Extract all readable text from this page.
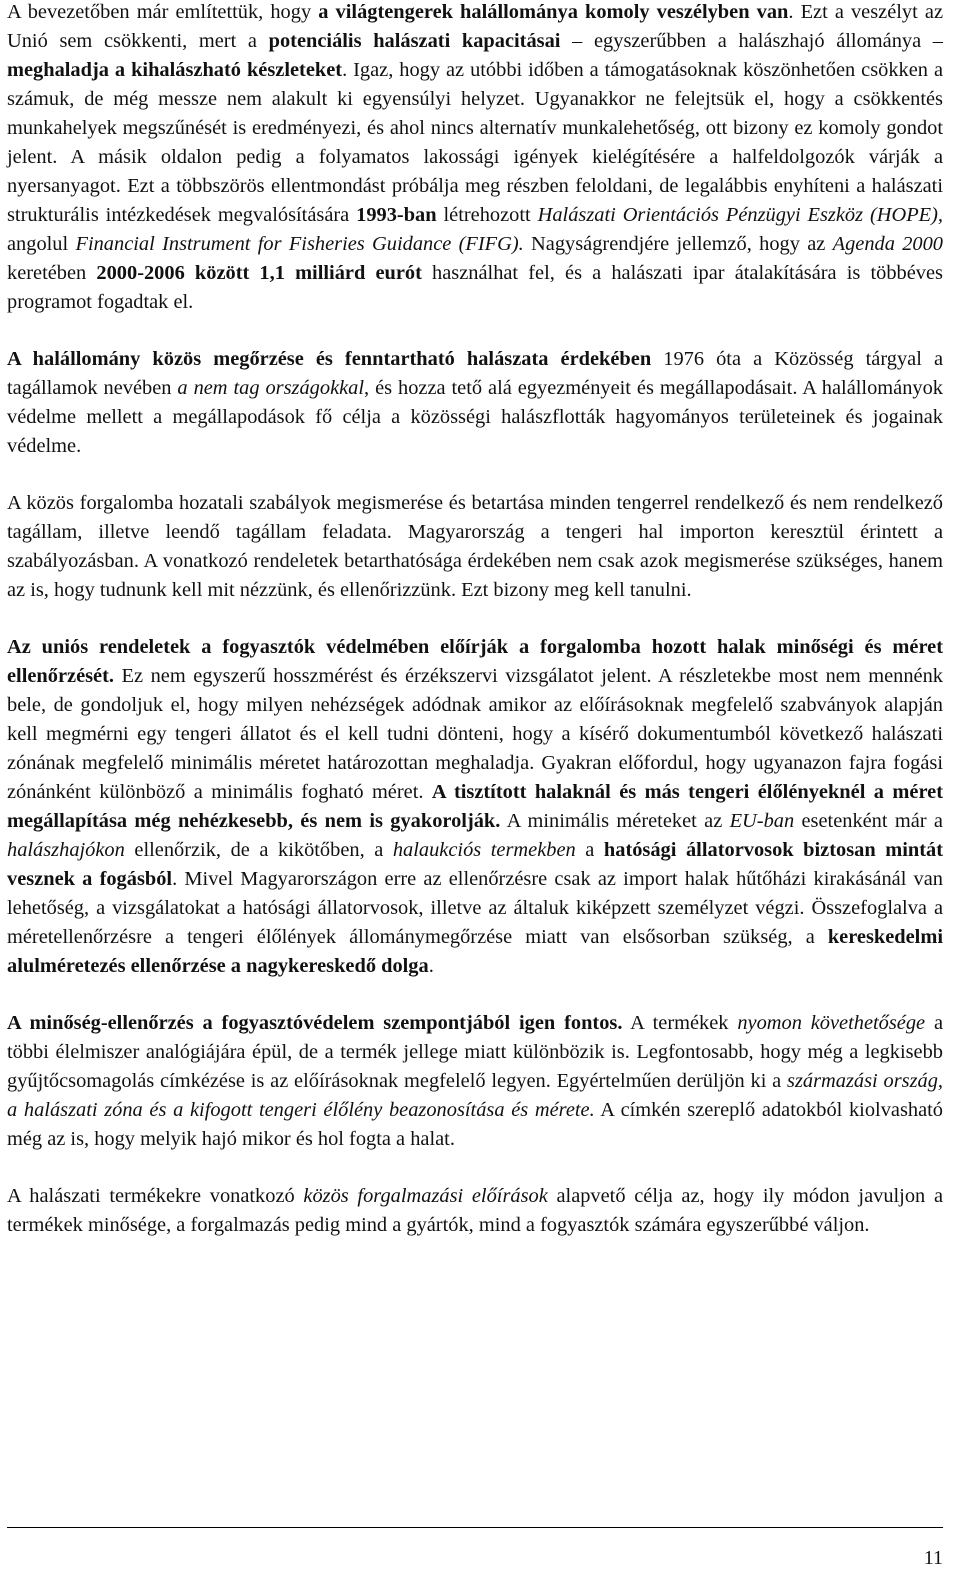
A bevezetőben már említettük, hogy a világtengerek halállománya komoly veszélyben van. Ezt a veszélyt az Unió sem csökkenti, mert a potenciális halászati kapacitásai – egyszerűbben a halászhajó állománya – meghaladja a kihalászható készleteket. Igaz, hogy az utóbbi időben a támogatásoknak köszönhetően csökken a számuk, de még messze nem alakult ki egyensúlyi helyzet. Ugyanakkor ne felejtsük el, hogy a csökkentés munkahelyek megszűnését is eredményezi, és ahol nincs alternatív munkalehetőség, ott bizony ez komoly gondot jelent. A másik oldalon pedig a folyamatos lakossági igények kielégítésére a halfeldolgozók várják a nyersanyagot. Ezt a többszörös ellentmondást próbálja meg részben feloldani, de legalábbis enyhíteni a halászati strukturális intézkedések megvalósítására 1993-ban létrehozott Halászati Orientációs Pénzügyi Eszköz (HOPE), angolul Financial Instrument for Fisheries Guidance (FIFG). Nagyságrendjére jellemző, hogy az Agenda 2000 keretében 2000-2006 között 1,1 milliárd eurót használhat fel, és a halászati ipar átalakítására is többéves programot fogadtak el.

A halállomány közös megőrzése és fenntartható halászata érdekében 1976 óta a Közösség tárgyal a tagállamok nevében a nem tag országokkal, és hozza tető alá egyezményeit és megállapodásait. A halállományok védelme mellett a megállapodások fő célja a közösségi halászflották hagyományos területeinek és jogainak védelme.

A közös forgalomba hozatali szabályok megismerése és betartása minden tengerrel rendelkező és nem rendelkező tagállam, illetve leendő tagállam feladata. Magyarország a tengeri hal importon keresztül érintett a szabályozásban. A vonatkozó rendeletek betarthatósága érdekében nem csak azok megismerése szükséges, hanem az is, hogy tudnunk kell mit nézzünk, és ellenőrizzünk. Ezt bizony meg kell tanulni.

Az uniós rendeletek a fogyasztók védelmében előírják a forgalomba hozott halak minőségi és méret ellenőrzését. Ez nem egyszerű hosszmérést és érzékszervi vizsgálatot jelent. A részletekbe most nem mennénk bele, de gondoljuk el, hogy milyen nehézségek adódnak amikor az előírásoknak megfelelő szabványok alapján kell megmérni egy tengeri állatot és el kell tudni dönteni, hogy a kísérő dokumentumból következő halászati zónának megfelelő minimális méretet határozottan meghaladja. Gyakran előfordul, hogy ugyanazon fajra fogási zónánként különböző a minimális fogható méret. A tisztított halaknál és más tengeri élőlényeknél a méret megállapítása még nehézkesebb, és nem is gyakorolják. A minimális méreteket az EU-ban esetenként már a halászhajókon ellenőrzik, de a kikötőben, a halaukciós termekben a hatósági állatorvosok biztosan mintát vesznek a fogásból. Mivel Magyarországon erre az ellenőrzésre csak az import halak hűtőházi kirakásánál van lehetőség, a vizsgálatokat a hatósági állatorvosok, illetve az általuk kiképzett személyzet végzi. Összefoglalva a méretellenőrzésre a tengeri élőlények állománymegőrzése miatt van elsősorban szükség, a kereskedelmi alulméretezés ellenőrzése a nagykereskedő dolga.

A minőség-ellenőrzés a fogyasztóvédelem szempontjából igen fontos. A termékek nyomon követhetősége a többi élelmiszer analógiájára épül, de a termék jellege miatt különbözik is. Legfontosabb, hogy még a legkisebb gyűjtőcsomagolás címkézése is az előírásoknak megfelelő legyen. Egyértelműen derüljön ki a származási ország, a halászati zóna és a kifogott tengeri élőlény beazonosítása és mérete. A címkén szereplő adatokból kiolvasható még az is, hogy melyik hajó mikor és hol fogta a halat.

A halászati termékekre vonatkozó közös forgalmazási előírások alapvető célja az, hogy ily módon javuljon a termékek minősége, a forgalmazás pedig mind a gyártók, mind a fogyasztók számára egyszerűbbé váljon.

11
